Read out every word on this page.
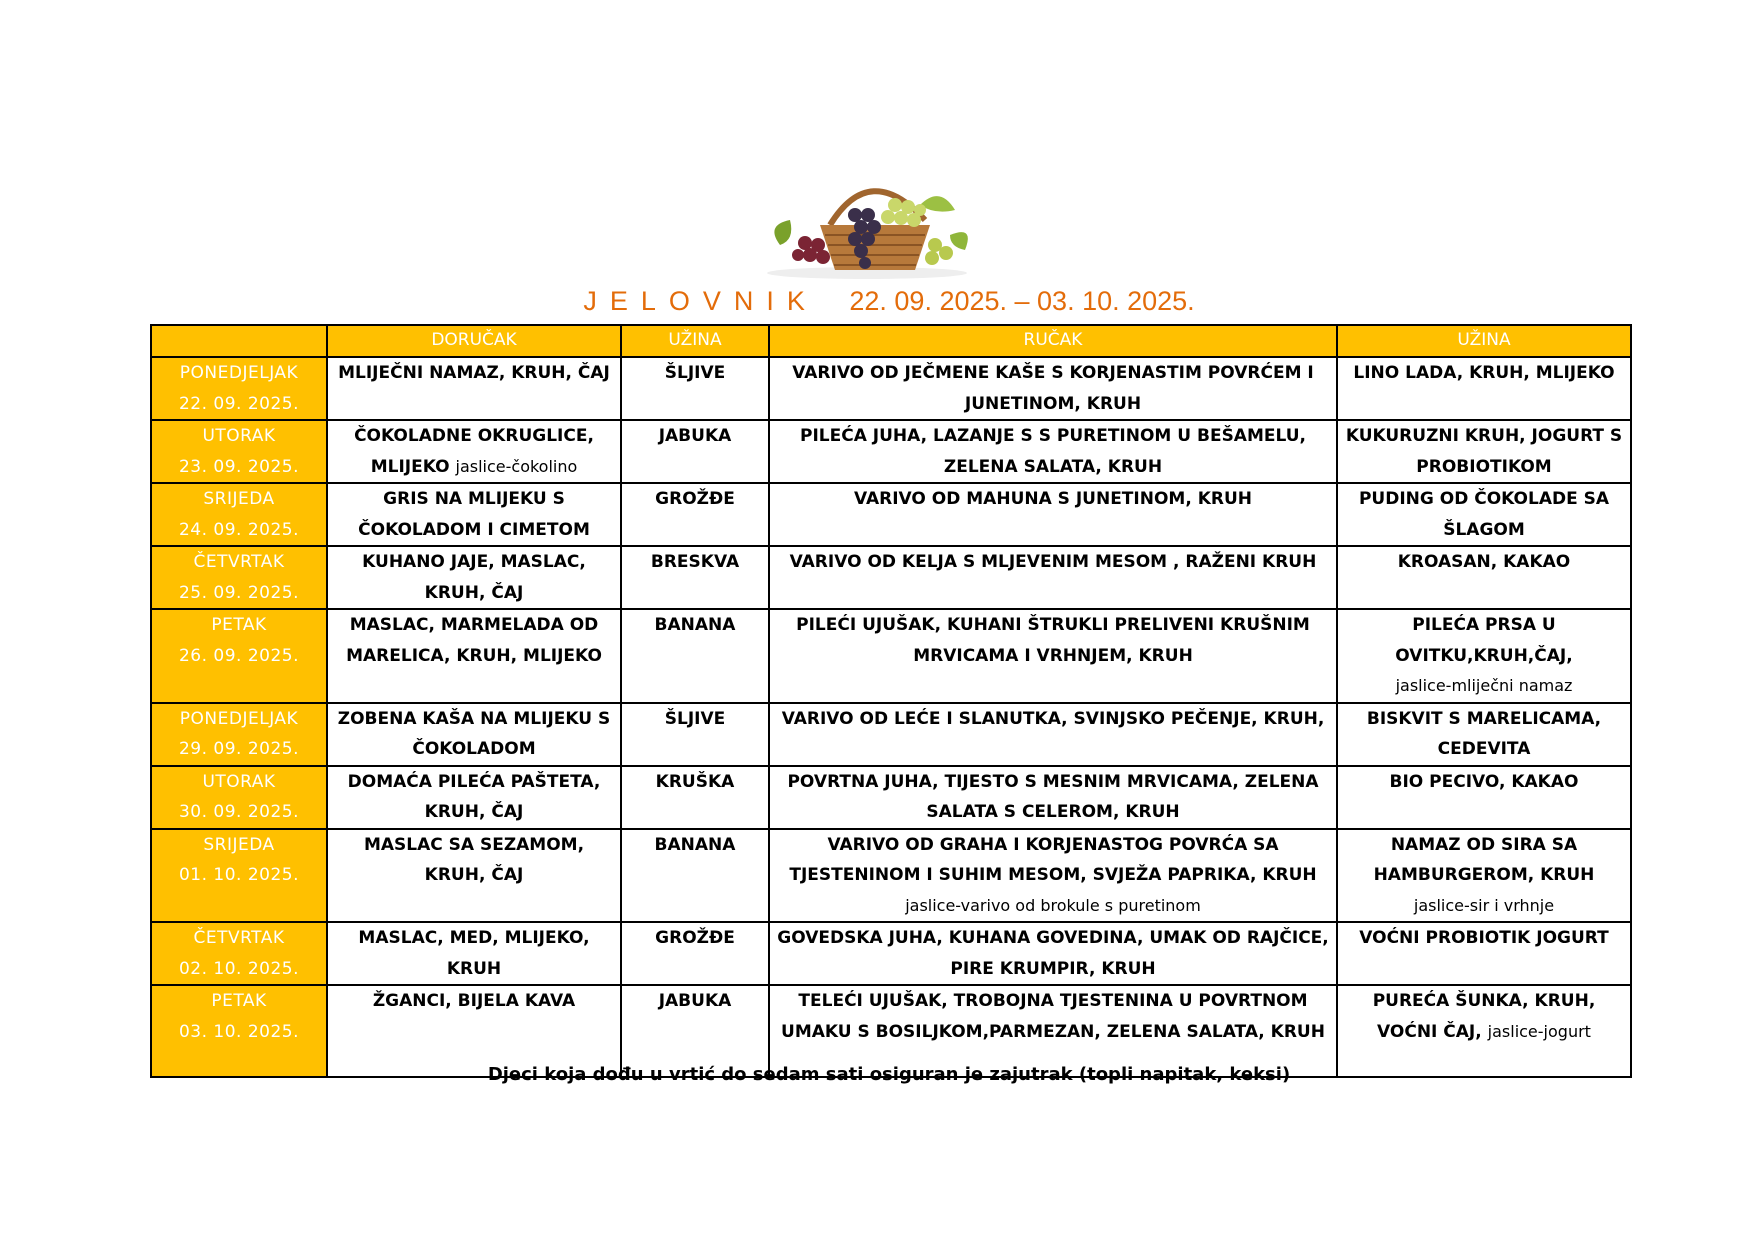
JELOVNIK 22. 09. 2025. – 03. 10. 2025.
	DORUČAK	UŽINA	RUČAK	UŽINA

PONEDJELJAK
22. 09. 2025.	MLIJEČNI NAMAZ, KRUH, ČAJ	ŠLJIVE	VARIVO OD JEČMENE KAŠE S KORJENASTIM POVRĆEM I JUNETINOM, KRUH	LINO LADA, KRUH, MLIJEKO

UTORAK
23. 09. 2025.	ČOKOLADNE OKRUGLICE, MLIJEKO jaslice-čokolino	JABUKA	PILEĆA JUHA, LAZANJE S S PURETINOM U BEŠAMELU, ZELENA SALATA, KRUH	KUKURUZNI KRUH, JOGURT S PROBIOTIKOM

SRIJEDA
24. 09. 2025.	GRIS NA MLIJEKU S ČOKOLADOM I CIMETOM	GROŽĐE	VARIVO OD MAHUNA S JUNETINOM, KRUH	PUDING OD ČOKOLADE SA ŠLAGOM

ČETVRTAK
25. 09. 2025.	KUHANO JAJE, MASLAC, KRUH, ČAJ	BRESKVA	VARIVO OD KELJA S MLJEVENIM MESOM , RAŽENI KRUH	KROASAN, KAKAO

PETAK
26. 09. 2025.	MASLAC, MARMELADA OD MARELICA, KRUH, MLIJEKO	BANANA	PILEĆI UJUŠAK, KUHANI ŠTRUKLI PRELIVENI KRUŠNIM MRVICAMA I VRHNJEM, KRUH	PILEĆA PRSA U OVITKU,KRUH,ČAJ,
jaslice-mliječni namaz

PONEDJELJAK
29. 09. 2025.	ZOBENA KAŠA NA MLIJEKU S ČOKOLADOM	ŠLJIVE	VARIVO OD LEĆE I SLANUTKA, SVINJSKO PEČENJE, KRUH,	BISKVIT S MARELICAMA, CEDEVITA

UTORAK
30. 09. 2025.	DOMAĆA PILEĆA PAŠTETA, KRUH, ČAJ	KRUŠKA	POVRTNA JUHA, TIJESTO S MESNIM MRVICAMA, ZELENA SALATA S CELEROM, KRUH	BIO PECIVO, KAKAO

SRIJEDA
01. 10. 2025.	MASLAC SA SEZAMOM, KRUH, ČAJ	BANANA	VARIVO OD GRAHA I KORJENASTOG POVRĆA SA TJESTENINOM I SUHIM MESOM, SVJEŽA PAPRIKA, KRUH jaslice-varivo od brokule s puretinom	NAMAZ OD SIRA SA HAMBURGEROM, KRUH
jaslice-sir i vrhnje

ČETVRTAK
02. 10. 2025.	MASLAC, MED, MLIJEKO, KRUH	GROŽĐE	GOVEDSKA JUHA, KUHANA GOVEDINA, UMAK OD RAJČICE, PIRE KRUMPIR, KRUH	VOĆNI PROBIOTIK JOGURT

PETAK
03. 10. 2025.	ŽGANCI, BIJELA KAVA	JABUKA	TELEĆI UJUŠAK, TROBOJNA TJESTENINA U POVRTNOM UMAKU S BOSILJKOM,PARMEZAN, ZELENA SALATA, KRUH	PUREĆA ŠUNKA, KRUH, VOĆNI ČAJ, jaslice-jogurt
Djeci koja dođu u vrtić do sedam sati osiguran je zajutrak (topli napitak, keksi)
